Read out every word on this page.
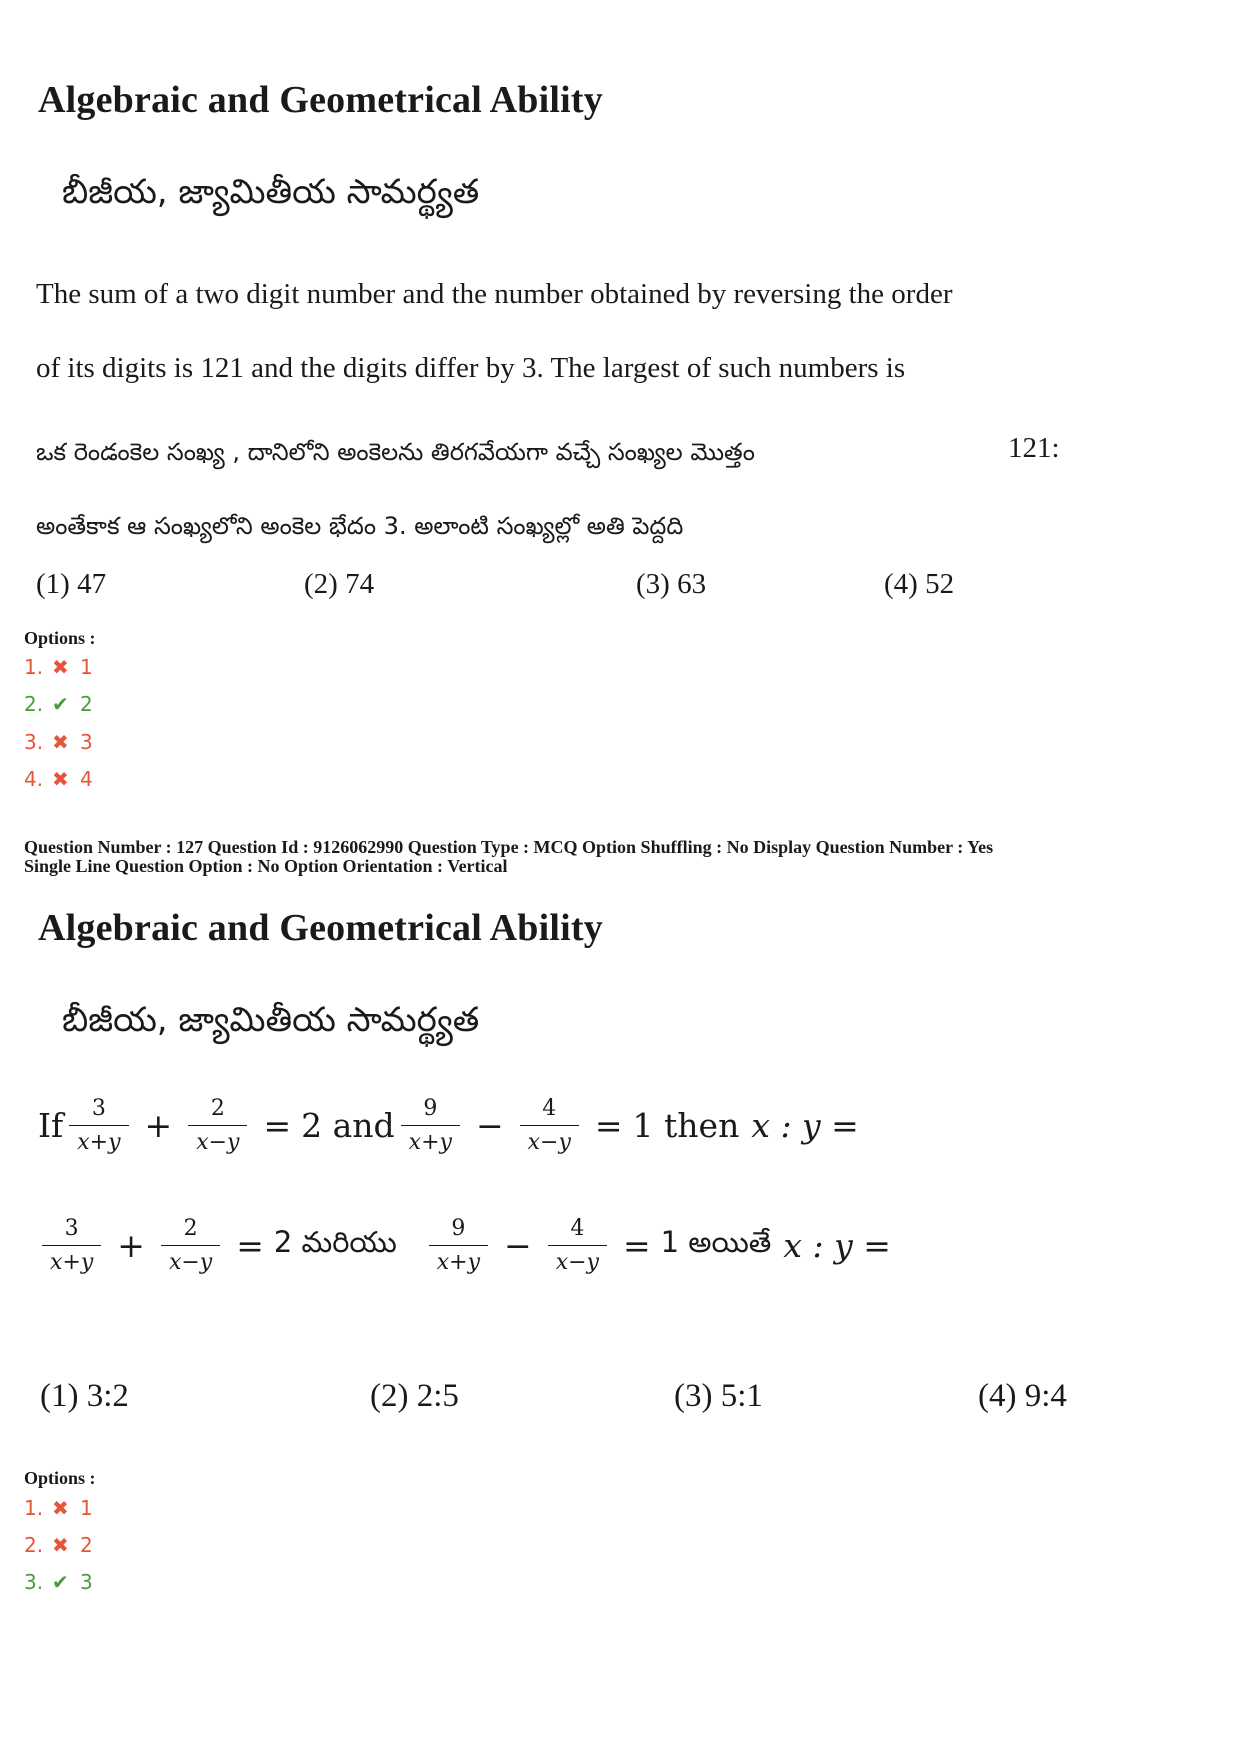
Algebraic and Geometrical Ability
బీజీయ, జ్యామితీయ సామర్థ్యత
The sum of a two digit number and the number obtained by reversing the order
of its digits is 121 and the digits differ by 3. The largest of such numbers is
ఒక రెండంకెల సంఖ్య , దానిలోని అంకెలను తిరగవేయగా వచ్చే సంఖ్యల మొత్తం	121:
అంతేకాక ఆ సంఖ్యలోని అంకెల భేదం 3. అలాంటి సంఖ్యల్లో అతి పెద్దది
(1) 47	(2) 74	(3) 63	(4) 52
Options :
1. ✖ 1
2. ✔ 2
3. ✖ 3
4. ✖ 4
Question Number : 127 Question Id : 9126062990 Question Type : MCQ Option Shuffling : No Display Question Number : Yes
Single Line Question Option : No Option Orientation : Vertical
Algebraic and Geometrical Ability
బీజీయ, జ్యామితీయ సామర్థ్యత
If $\frac{3}{x+y} + \frac{2}{x-y} = 2$ and $\frac{9}{x+y} - \frac{4}{x-y} = 1$ then x : y =
$\frac{3}{x+y} + \frac{2}{x-y} = 2$ మరియు $\frac{9}{x+y} - \frac{4}{x-y} = 1$ అయితే x : y =
(1) 3:2	(2) 2:5	(3) 5:1	(4) 9:4
Options :
1. ✖ 1
2. ✖ 2
3. ✔ 3
